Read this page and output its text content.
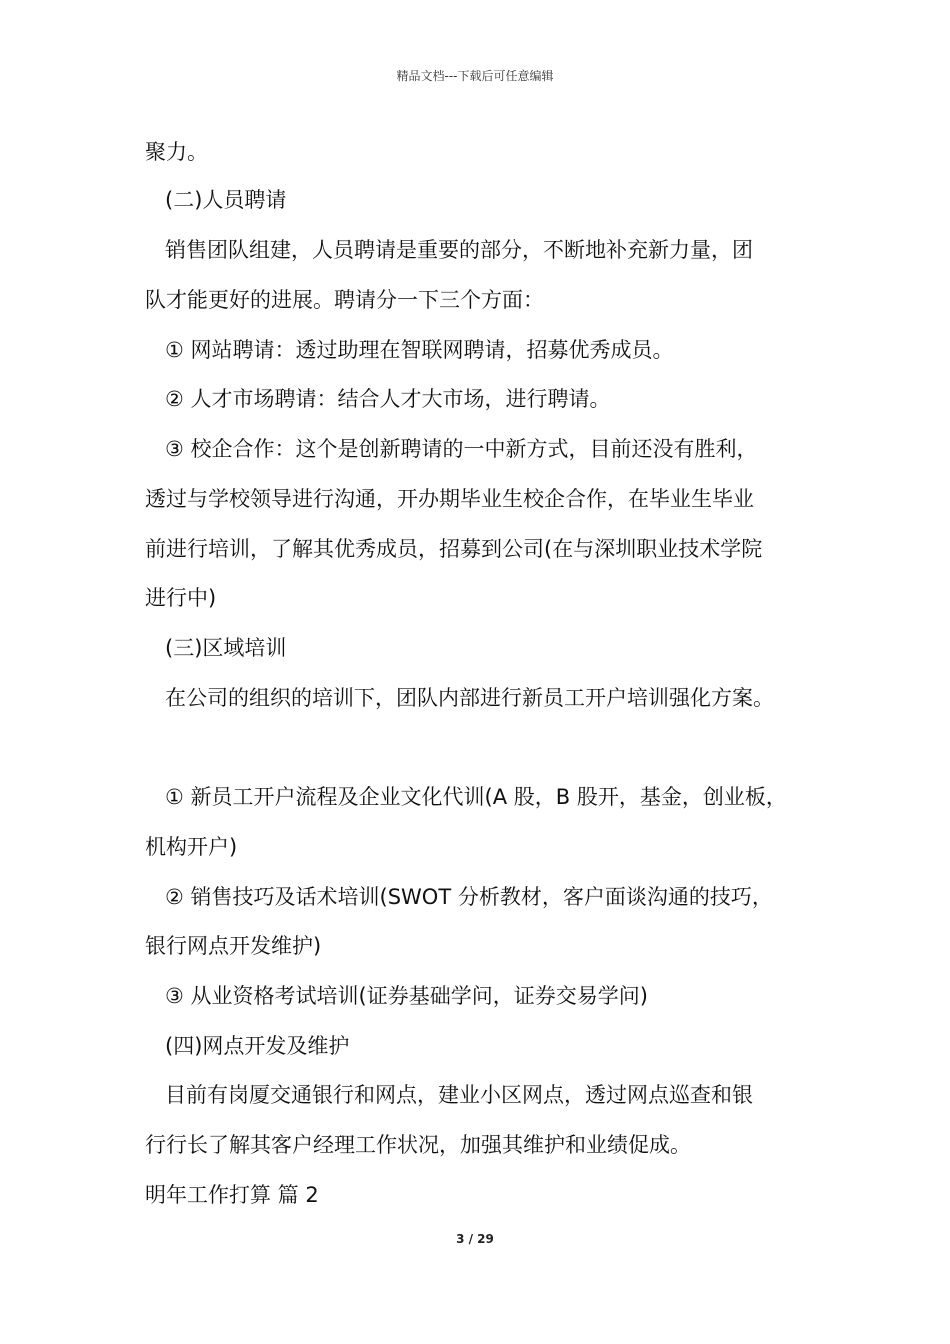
精品文档---下载后可任意编辑
聚力。
(二)人员聘请
销售团队组建，人员聘请是重要的部分，不断地补充新力量，团
队才能更好的进展。聘请分一下三个方面：
① 网站聘请：透过助理在智联网聘请，招募优秀成员。
② 人才市场聘请：结合人才大市场，进行聘请。
③ 校企合作：这个是创新聘请的一中新方式，目前还没有胜利，
透过与学校领导进行沟通，开办期毕业生校企合作，在毕业生毕业
前进行培训，了解其优秀成员，招募到公司(在与深圳职业技术学院
进行中)
(三)区域培训
在公司的组织的培训下，团队内部进行新员工开户培训强化方案。
① 新员工开户流程及企业文化代训(A 股，B 股开，基金，创业板，
机构开户)
② 销售技巧及话术培训(SWOT 分析教材，客户面谈沟通的技巧，
银行网点开发维护)
③ 从业资格考试培训(证券基础学问，证券交易学问)
(四)网点开发及维护
目前有岗厦交通银行和网点，建业小区网点，透过网点巡查和银
行行长了解其客户经理工作状况，加强其维护和业绩促成。
明年工作打算 篇 2
3 / 29
